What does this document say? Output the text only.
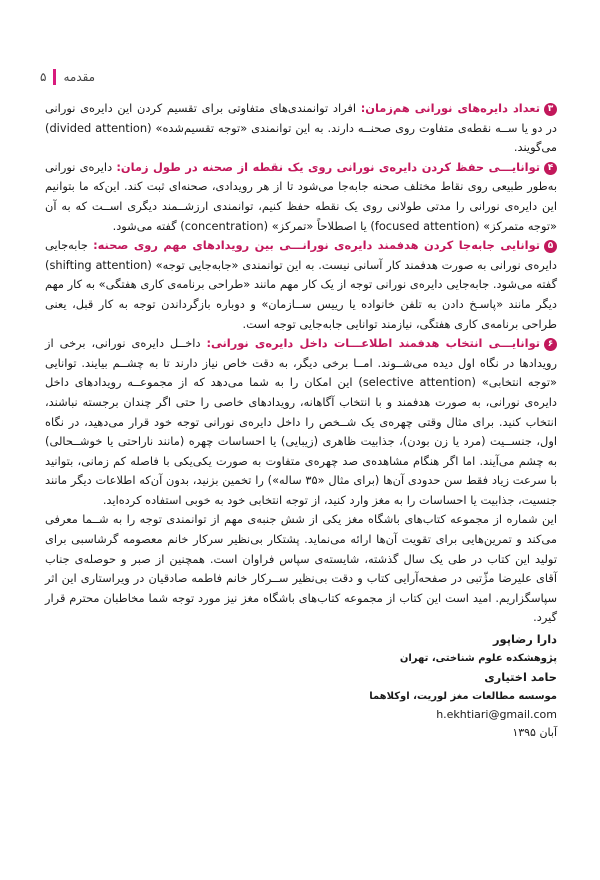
۵ مقدمه

۳تعداد دایره‌های نورانی هم‌زمان: افراد توانمندی‌های متفاوتی برای تقسیم کردن این دایره‌ی نورانی در دو یا ســه نقطه‌ی متفاوت روی صحنــه دارند. به این توانمندی «توجه تقسیم‌شده» (divided attention) می‌گویند.

۴توانایـــی حفظ کردن دایره‌ی نورانی روی یک نقطه از صحنه در طول زمان: دایره‌ی نورانی به‌طور طبیعی روی نقاط مختلف صحنه جابه‌جا می‌شود تا از هر رویدادی، صحنه‌ای ثبت کند. این‌که ما بتوانیم این دایره‌ی نورانی را مدتی طولانی روی یک نقطه حفظ کنیم، توانمندی ارزشــمند دیگری اســت که به آن «توجه متمرکز» (focused attention) یا اصطلاحاً «تمرکز» (concentration) گفته می‌شود.

۵توانایی جابه‌جا کردن هدفمند دایره‌ی نورانـــی بین رویدادهای مهم روی صحنه: جابه‌جایی دایره‌ی نورانی به صورت هدفمند کار آسانی نیست. به این توانمندی «جابه‌جایی توجه» (shifting attention) گفته می‌شود. جابه‌جایی دایره‌ی نورانی توجه از یک کار مهم مانند «طراحی برنامه‌ی کاری هفتگی» به کار مهم دیگر مانند «پاسـخ دادن به تلفن خانواده یا رییس ســازمان» و دوباره بازگرداندن توجه به کار قبل، یعنی طراحی برنامه‌ی کاری هفتگی، نیازمند توانایی جابه‌جایی توجه است.

۶توانایـــی انتخاب هدفمند اطلاعـــات داخل دایره‌ی نورانی: داخــل دایره‌ی نورانی، برخی از رویدادها در نگاه اول دیده می‌شــوند. امــا برخی دیگر، به دقت خاص نیاز دارند تا به چشــم بیایند. توانایی «توجه انتخابی» (selective attention) این امکان را به شما می‌دهد که از مجموعــه رویدادهای داخل دایره‌ی نورانی، به صورت هدفمند و با انتخاب آگاهانه، رویدادهای خاصی را حتی اگر چندان برجسته نباشند، انتخاب کنید. برای مثال وقتی چهره‌ی یک شــخص را داخل دایره‌ی نورانی توجه خود قرار می‌دهید، در نگاه اول، جنســیت (مرد یا زن بودن)، جذابیت ظاهری (زیبایی) یا احساسات چهره (مانند ناراحتی یا خوشــحالی) به چشم می‌آیند. اما اگر هنگام مشاهده‌ی صد چهره‌ی متفاوت به صورت یکی‌یکی با فاصله کم زمانی، بتوانید با سرعت زیاد فقط سن حدودی آن‌ها (برای مثال «۳۵ ساله») را تخمین بزنید، بدون آن‌که اطلاعات دیگر مانند جنسیت، جذابیت یا احساسات را به مغز وارد کنید، از توجه انتخابی خود به خوبی استفاده کرده‌اید.

این شماره از مجموعه کتاب‌های باشگاه مغز یکی از شش جنبه‌ی مهم از توانمندی توجه را به شــما معرفی می‌کند و تمرین‌هایی برای تقویت آن‌ها ارائه می‌نماید. پشتکار بی‌نظیر سرکار خانم معصومه گرشاسبی برای تولید این کتاب در طی یک سال گذشته، شایسته‌ی سپاس فراوان است. همچنین از صبر و حوصله‌ی جناب آقای علیرضا مژّتبی در صفحه‌آرایی کتاب و دقت بی‌نظیر ســرکار خانم فاطمه صادقیان در ویراستاری این اثر سپاسگزاریم. امید است این کتاب از مجموعه کتاب‌های باشگاه مغز نیز مورد توجه شما مخاطبان محترم قرار گیرد.

دارا رضاپور
پژوهشکده علوم شناختی، تهران
حامد اختیاری
موسسه مطالعات مغز لوریت، اوکلاهما
h.ekhtiari@gmail.com
آبان ۱۳۹۵
